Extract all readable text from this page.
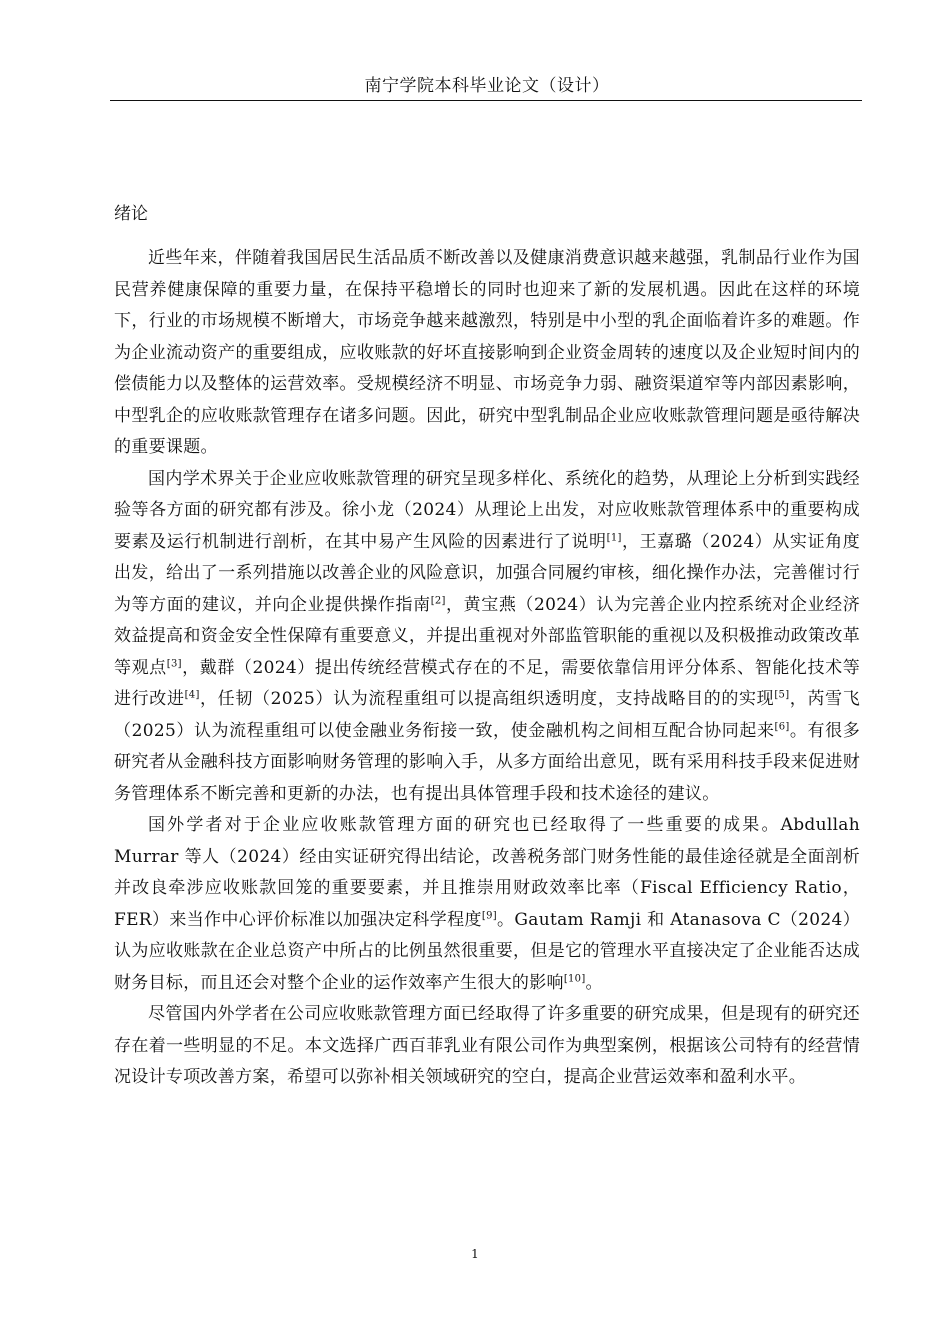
南宁学院本科毕业论文（设计）
绪论

近些年来，伴随着我国居民生活品质不断改善以及健康消费意识越来越强，乳制品行业作为国民营养健康保障的重要力量，在保持平稳增长的同时也迎来了新的发展机遇。因此在这样的环境下，行业的市场规模不断增大，市场竞争越来越激烈，特别是中小型的乳企面临着许多的难题。作为企业流动资产的重要组成，应收账款的好坏直接影响到企业资金周转的速度以及企业短时间内的偿债能力以及整体的运营效率。受规模经济不明显、市场竞争力弱、融资渠道窄等内部因素影响，中型乳企的应收账款管理存在诸多问题。因此，研究中型乳制品企业应收账款管理问题是亟待解决的重要课题。

国内学术界关于企业应收账款管理的研究呈现多样化、系统化的趋势，从理论上分析到实践经验等各方面的研究都有涉及。徐小龙（2024）从理论上出发，对应收账款管理体系中的重要构成要素及运行机制进行剖析，在其中易产生风险的因素进行了说明[1]，王嘉璐（2024）从实证角度出发，给出了一系列措施以改善企业的风险意识，加强合同履约审核，细化操作办法，完善催讨行为等方面的建议，并向企业提供操作指南[2]，黄宝燕（2024）认为完善企业内控系统对企业经济效益提高和资金安全性保障有重要意义，并提出重视对外部监管职能的重视以及积极推动政策改革等观点[3]，戴群（2024）提出传统经营模式存在的不足，需要依靠信用评分体系、智能化技术等进行改进[4]，任韧（2025）认为流程重组可以提高组织透明度，支持战略目的的实现[5]，芮雪飞（2025）认为流程重组可以使金融业务衔接一致，使金融机构之间相互配合协同起来[6]。有很多研究者从金融科技方面影响财务管理的影响入手，从多方面给出意见，既有采用科技手段来促进财务管理体系不断完善和更新的办法，也有提出具体管理手段和技术途径的建议。

国外学者对于企业应收账款管理方面的研究也已经取得了一些重要的成果。Abdullah Murrar 等人（2024）经由实证研究得出结论，改善税务部门财务性能的最佳途径就是全面剖析并改良牵涉应收账款回笼的重要要素，并且推崇用财政效率比率（Fiscal Efficiency Ratio，FER）来当作中心评价标准以加强决定科学程度[9]。Gautam Ramji 和 Atanasova C（2024）认为应收账款在企业总资产中所占的比例虽然很重要，但是它的管理水平直接决定了企业能否达成财务目标，而且还会对整个企业的运作效率产生很大的影响[10]。

尽管国内外学者在公司应收账款管理方面已经取得了许多重要的研究成果，但是现有的研究还存在着一些明显的不足。本文选择广西百菲乳业有限公司作为典型案例，根据该公司特有的经营情况设计专项改善方案，希望可以弥补相关领域研究的空白，提高企业营运效率和盈利水平。

1
